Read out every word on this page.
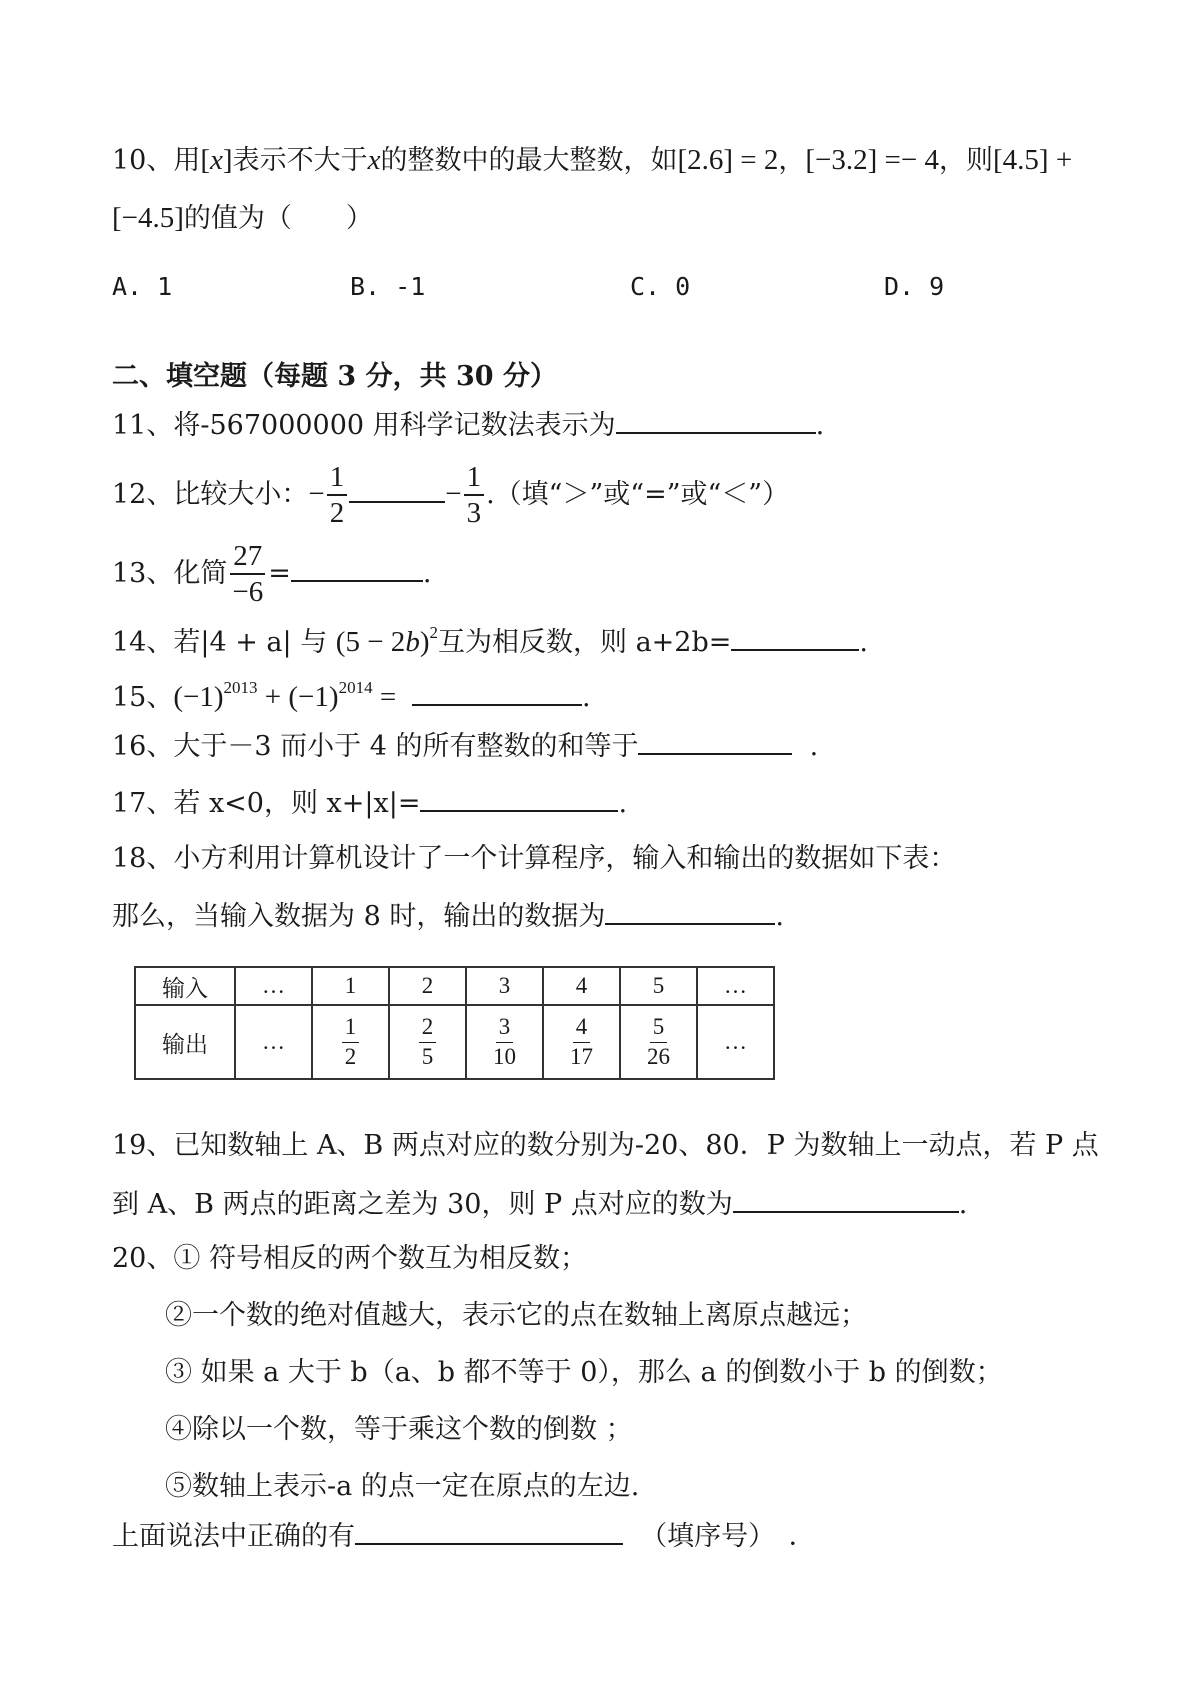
10、用[x]表示不大于x的整数中的最大整数，如[2.6] = 2，[−3.2] =− 4，则[4.5] +
[−4.5]的值为（　　）
A. 1	B. -1	C. 0	D. 9
二、填空题（每题 3 分，共 30 分）
11、将-567000000 用科学记数法表示为	.
12、比较大小：− $\frac{1}{2}$	− $\frac{1}{3}$ .（填“＞”或“=”或“＜”）
13、化简 $\frac{27}{-6}$ =	.
14、若|4 + a| 与 $(5 - 2b)^2$互为相反数，则 a+2b=	.
15、$(-1)^{2013} + (-1)^{2014}$ =	.
16、大于－3 而小于 4 的所有整数的和等于	.
17、若 x<0，则 x+|x|=	.
18、小方利用计算机设计了一个计算程序，输入和输出的数据如下表：
那么，当输入数据为 8 时，输出的数据为	.
输入	…	1	2	3	4	5	…
输出	…	$\frac{1}{2}$	$\frac{2}{5}$	$\frac{3}{10}$	$\frac{4}{17}$	$\frac{5}{26}$	…
19、已知数轴上 A、B 两点对应的数分别为-20、80．P 为数轴上一动点，若 P 点
到 A、B 两点的距离之差为 30，则 P 点对应的数为	.
20、① 符号相反的两个数互为相反数；
②一个数的绝对值越大，表示它的点在数轴上离原点越远；
③ 如果 a 大于 b（a、b 都不等于 0），那么 a 的倒数小于 b 的倒数；
④除以一个数，等于乘这个数的倒数 ；
⑤数轴上表示-a 的点一定在原点的左边.
上面说法中正确的有	（填序号）　．
